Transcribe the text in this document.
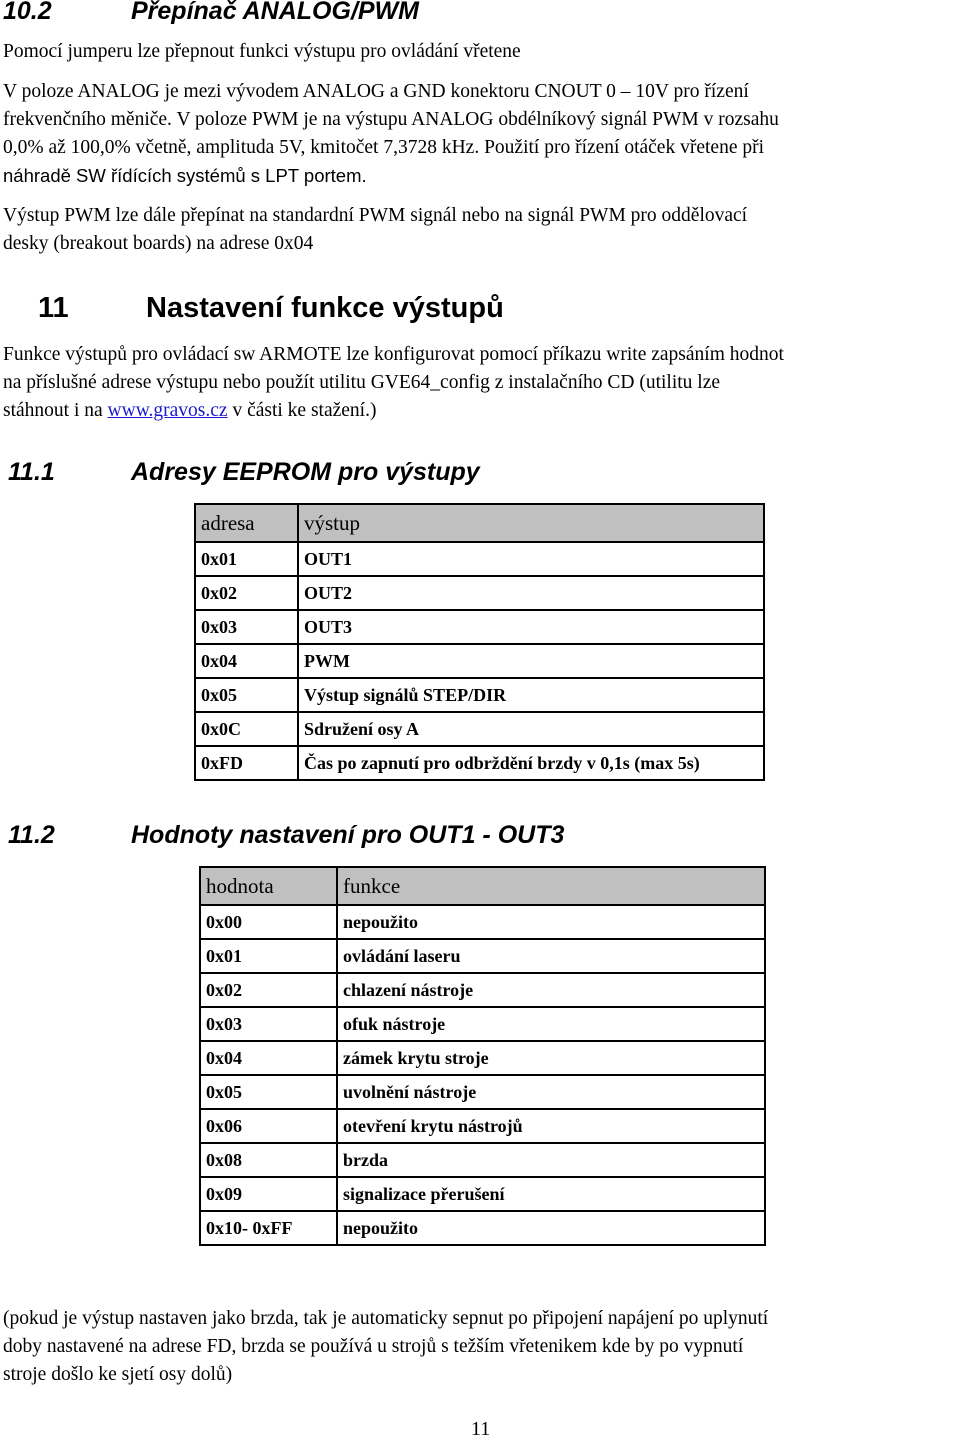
10.2	Přepínač ANALOG/PWM
Pomocí jumperu lze přepnout funkci výstupu pro ovládání vřetene
V poloze ANALOG je mezi vývodem ANALOG a GND konektoru CNOUT 0 – 10V pro řízení
frekvenčního měniče. V poloze PWM je na výstupu ANALOG obdélníkový signál PWM v rozsahu
0,0% až 100,0% včetně, amplituda 5V, kmitočet 7,3728 kHz. Použití pro řízení otáček vřetene při
náhradě SW řídících systémů s LPT portem.
Výstup PWM lze dále přepínat na standardní PWM signál nebo na signál PWM pro oddělovací
desky (breakout boards) na adrese 0x04
11	Nastavení funkce výstupů
Funkce výstupů pro ovládací sw ARMOTE lze konfigurovat pomocí příkazu write zapsáním hodnot
na příslušné adrese výstupu nebo použít utilitu GVE64_config z instalačního CD (utilitu lze
stáhnout i na www.gravos.cz v části ke stažení.)
11.1	Adresy EEPROM pro výstupy
adresa	výstup
0x01	OUT1
0x02	OUT2
0x03	OUT3
0x04	PWM
0x05	Výstup signálů STEP/DIR
0x0C	Sdružení osy A
0xFD	Čas po zapnutí pro odbrždění brzdy v 0,1s (max 5s)
11.2	Hodnoty nastavení pro OUT1 - OUT3
hodnota	funkce
0x00	nepoužito
0x01	ovládání laseru
0x02	chlazení nástroje
0x03	ofuk nástroje
0x04	zámek krytu stroje
0x05	uvolnění nástroje
0x06	otevření krytu nástrojů
0x08	brzda
0x09	signalizace přerušení
0x10- 0xFF	nepoužito
(pokud je výstup nastaven jako brzda, tak je automaticky sepnut po připojení napájení po uplynutí
doby nastavené na adrese FD, brzda se používá u strojů s težším vřetenikem kde by po vypnutí
stroje došlo ke sjetí osy dolů)
11
